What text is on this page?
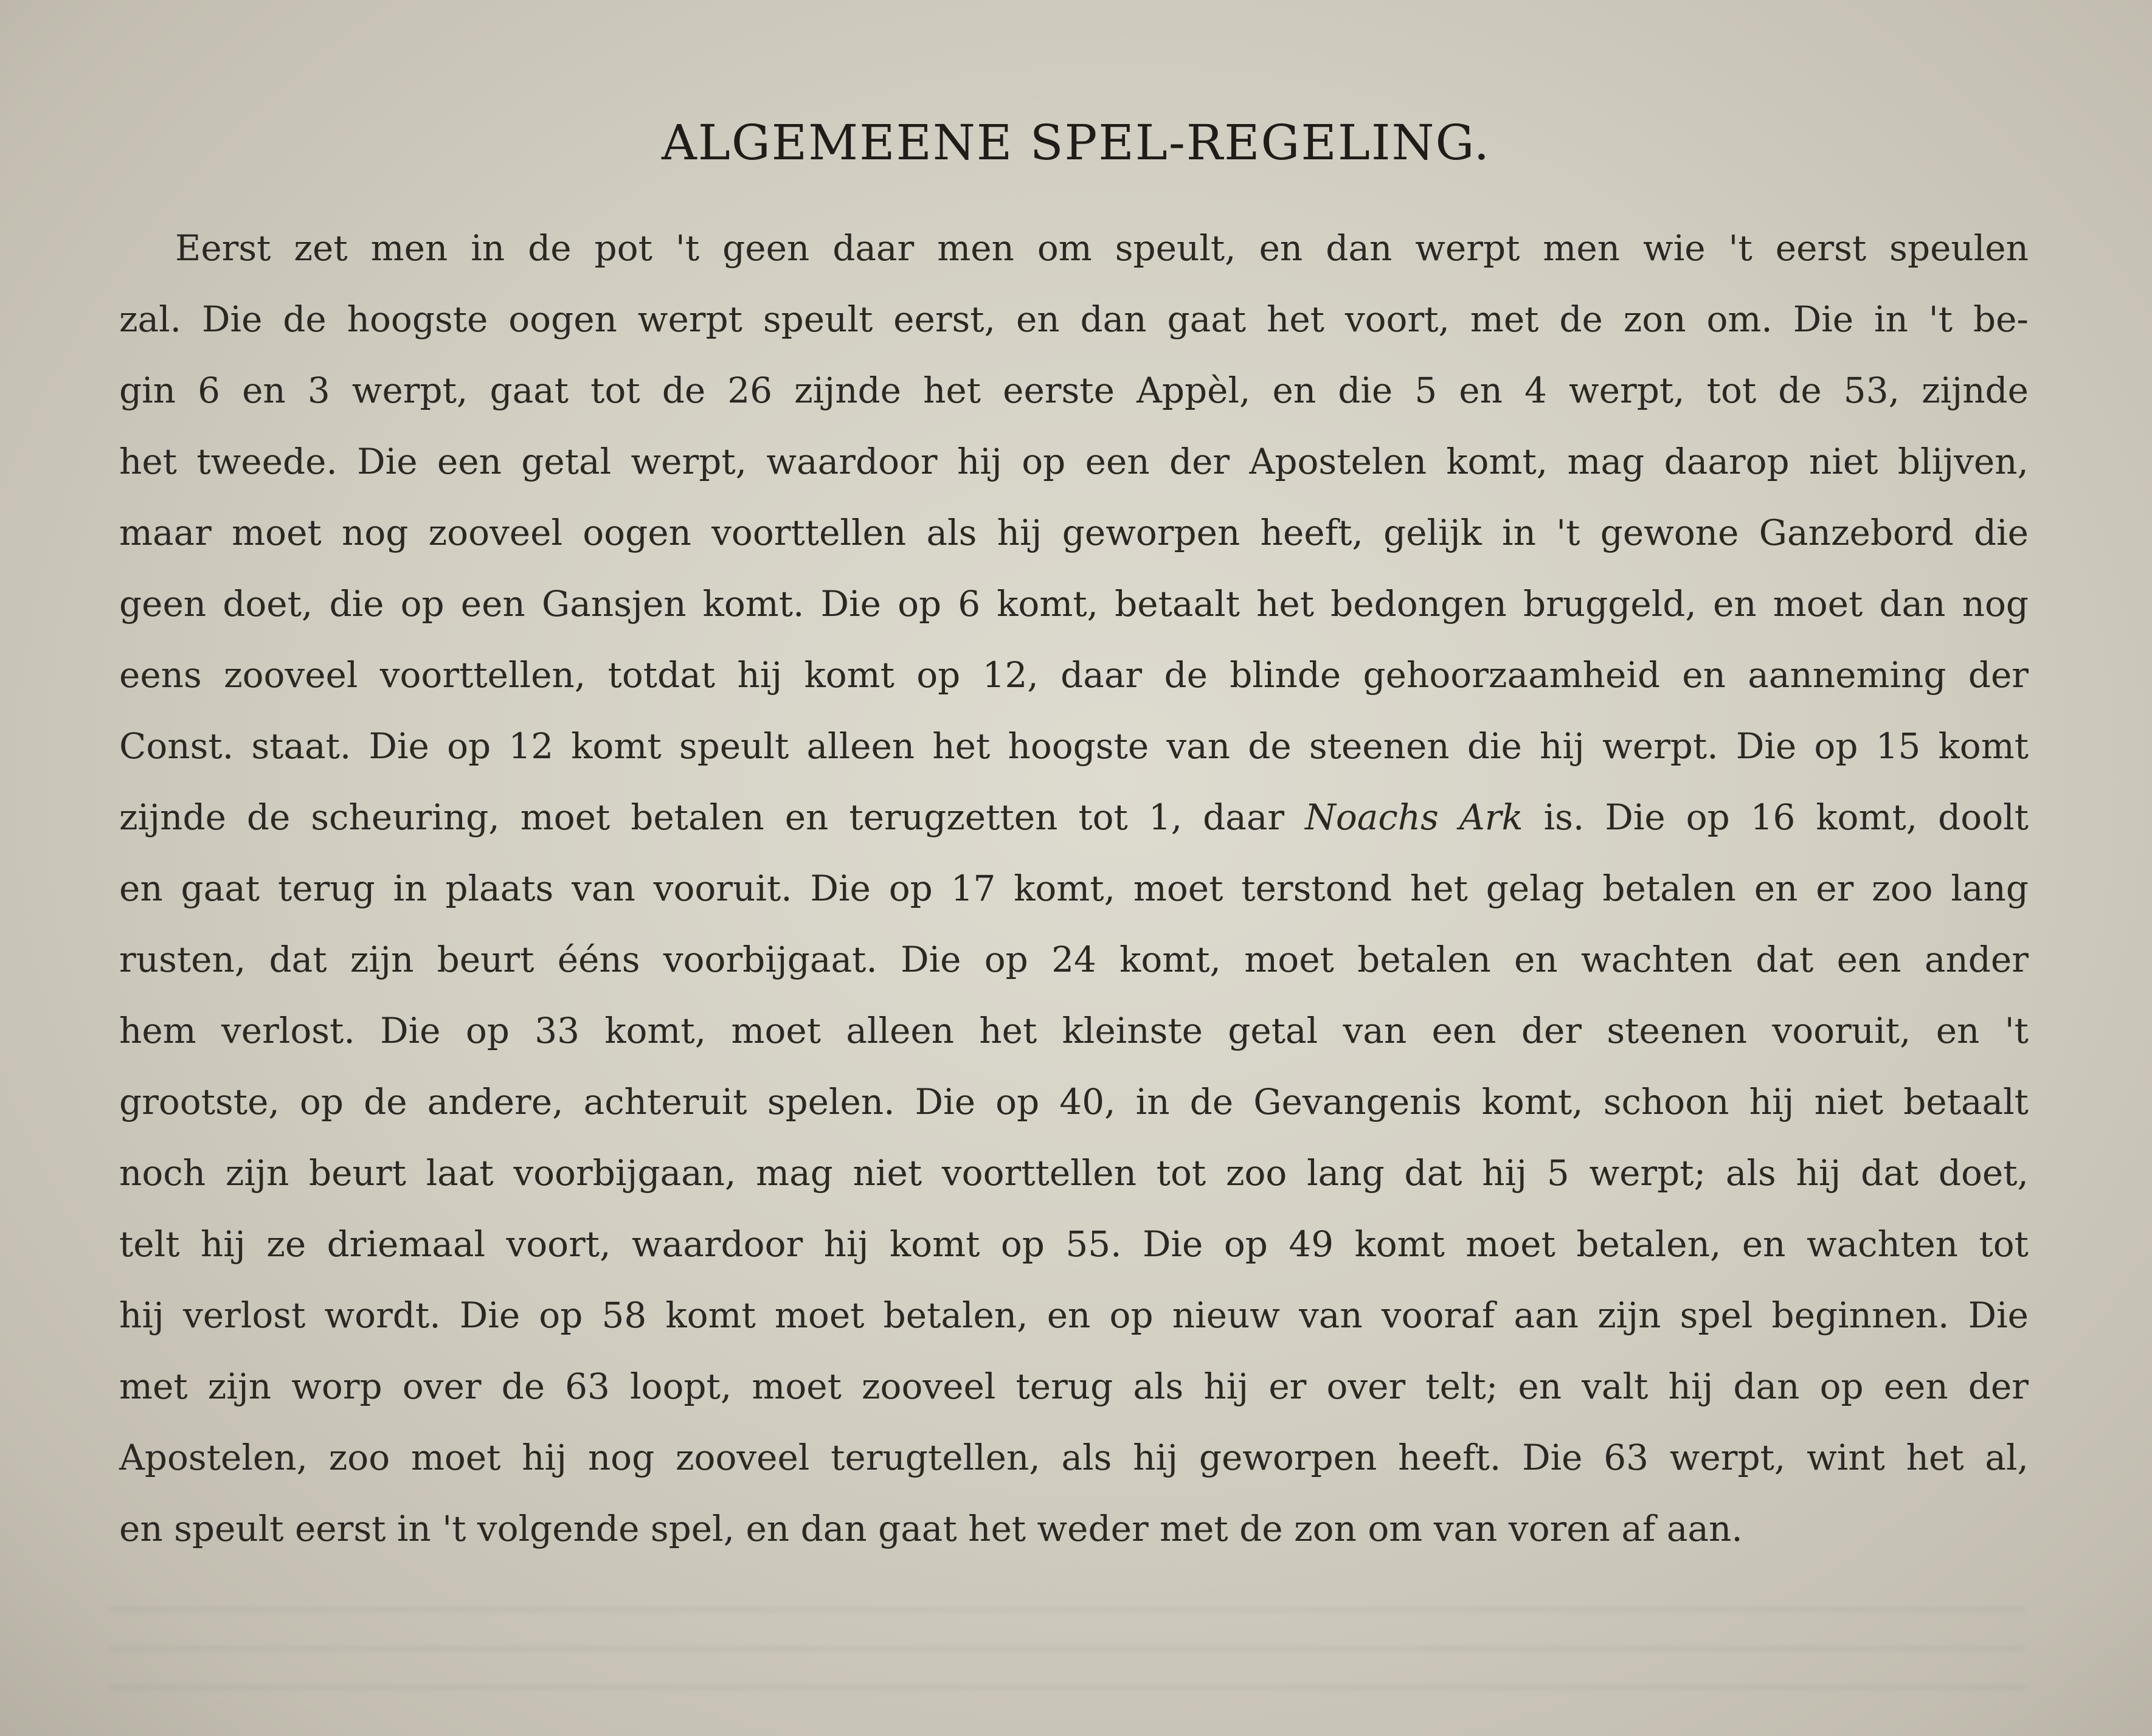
ALGEMEENE SPEL-REGELING.
Eerst zet men in de pot 't geen daar men om speult, en dan werpt men wie 't eerst speulen
zal. Die de hoogste oogen werpt speult eerst, en dan gaat het voort, met de zon om. Die in 't be-
gin 6 en 3 werpt, gaat tot de 26 zijnde het eerste Appèl, en die 5 en 4 werpt, tot de 53, zijnde
het tweede. Die een getal werpt, waardoor hij op een der Apostelen komt, mag daarop niet blijven,
maar moet nog zooveel oogen voorttellen als hij geworpen heeft, gelijk in 't gewone Ganzebord die
geen doet, die op een Gansjen komt. Die op 6 komt, betaalt het bedongen bruggeld, en moet dan nog
eens zooveel voorttellen, totdat hij komt op 12, daar de blinde gehoorzaamheid en aanneming der
Const. staat. Die op 12 komt speult alleen het hoogste van de steenen die hij werpt. Die op 15 komt
zijnde de scheuring, moet betalen en terugzetten tot 1, daar Noachs Ark is. Die op 16 komt, doolt
en gaat terug in plaats van vooruit. Die op 17 komt, moet terstond het gelag betalen en er zoo lang
rusten, dat zijn beurt ééns voorbijgaat. Die op 24 komt, moet betalen en wachten dat een ander
hem verlost. Die op 33 komt, moet alleen het kleinste getal van een der steenen vooruit, en 't
grootste, op de andere, achteruit spelen. Die op 40, in de Gevangenis komt, schoon hij niet betaalt
noch zijn beurt laat voorbijgaan, mag niet voorttellen tot zoo lang dat hij 5 werpt; als hij dat doet,
telt hij ze driemaal voort, waardoor hij komt op 55. Die op 49 komt moet betalen, en wachten tot
hij verlost wordt. Die op 58 komt moet betalen, en op nieuw van vooraf aan zijn spel beginnen. Die
met zijn worp over de 63 loopt, moet zooveel terug als hij er over telt; en valt hij dan op een der
Apostelen, zoo moet hij nog zooveel terugtellen, als hij geworpen heeft. Die 63 werpt, wint het al,
en speult eerst in 't volgende spel, en dan gaat het weder met de zon om van voren af aan.
